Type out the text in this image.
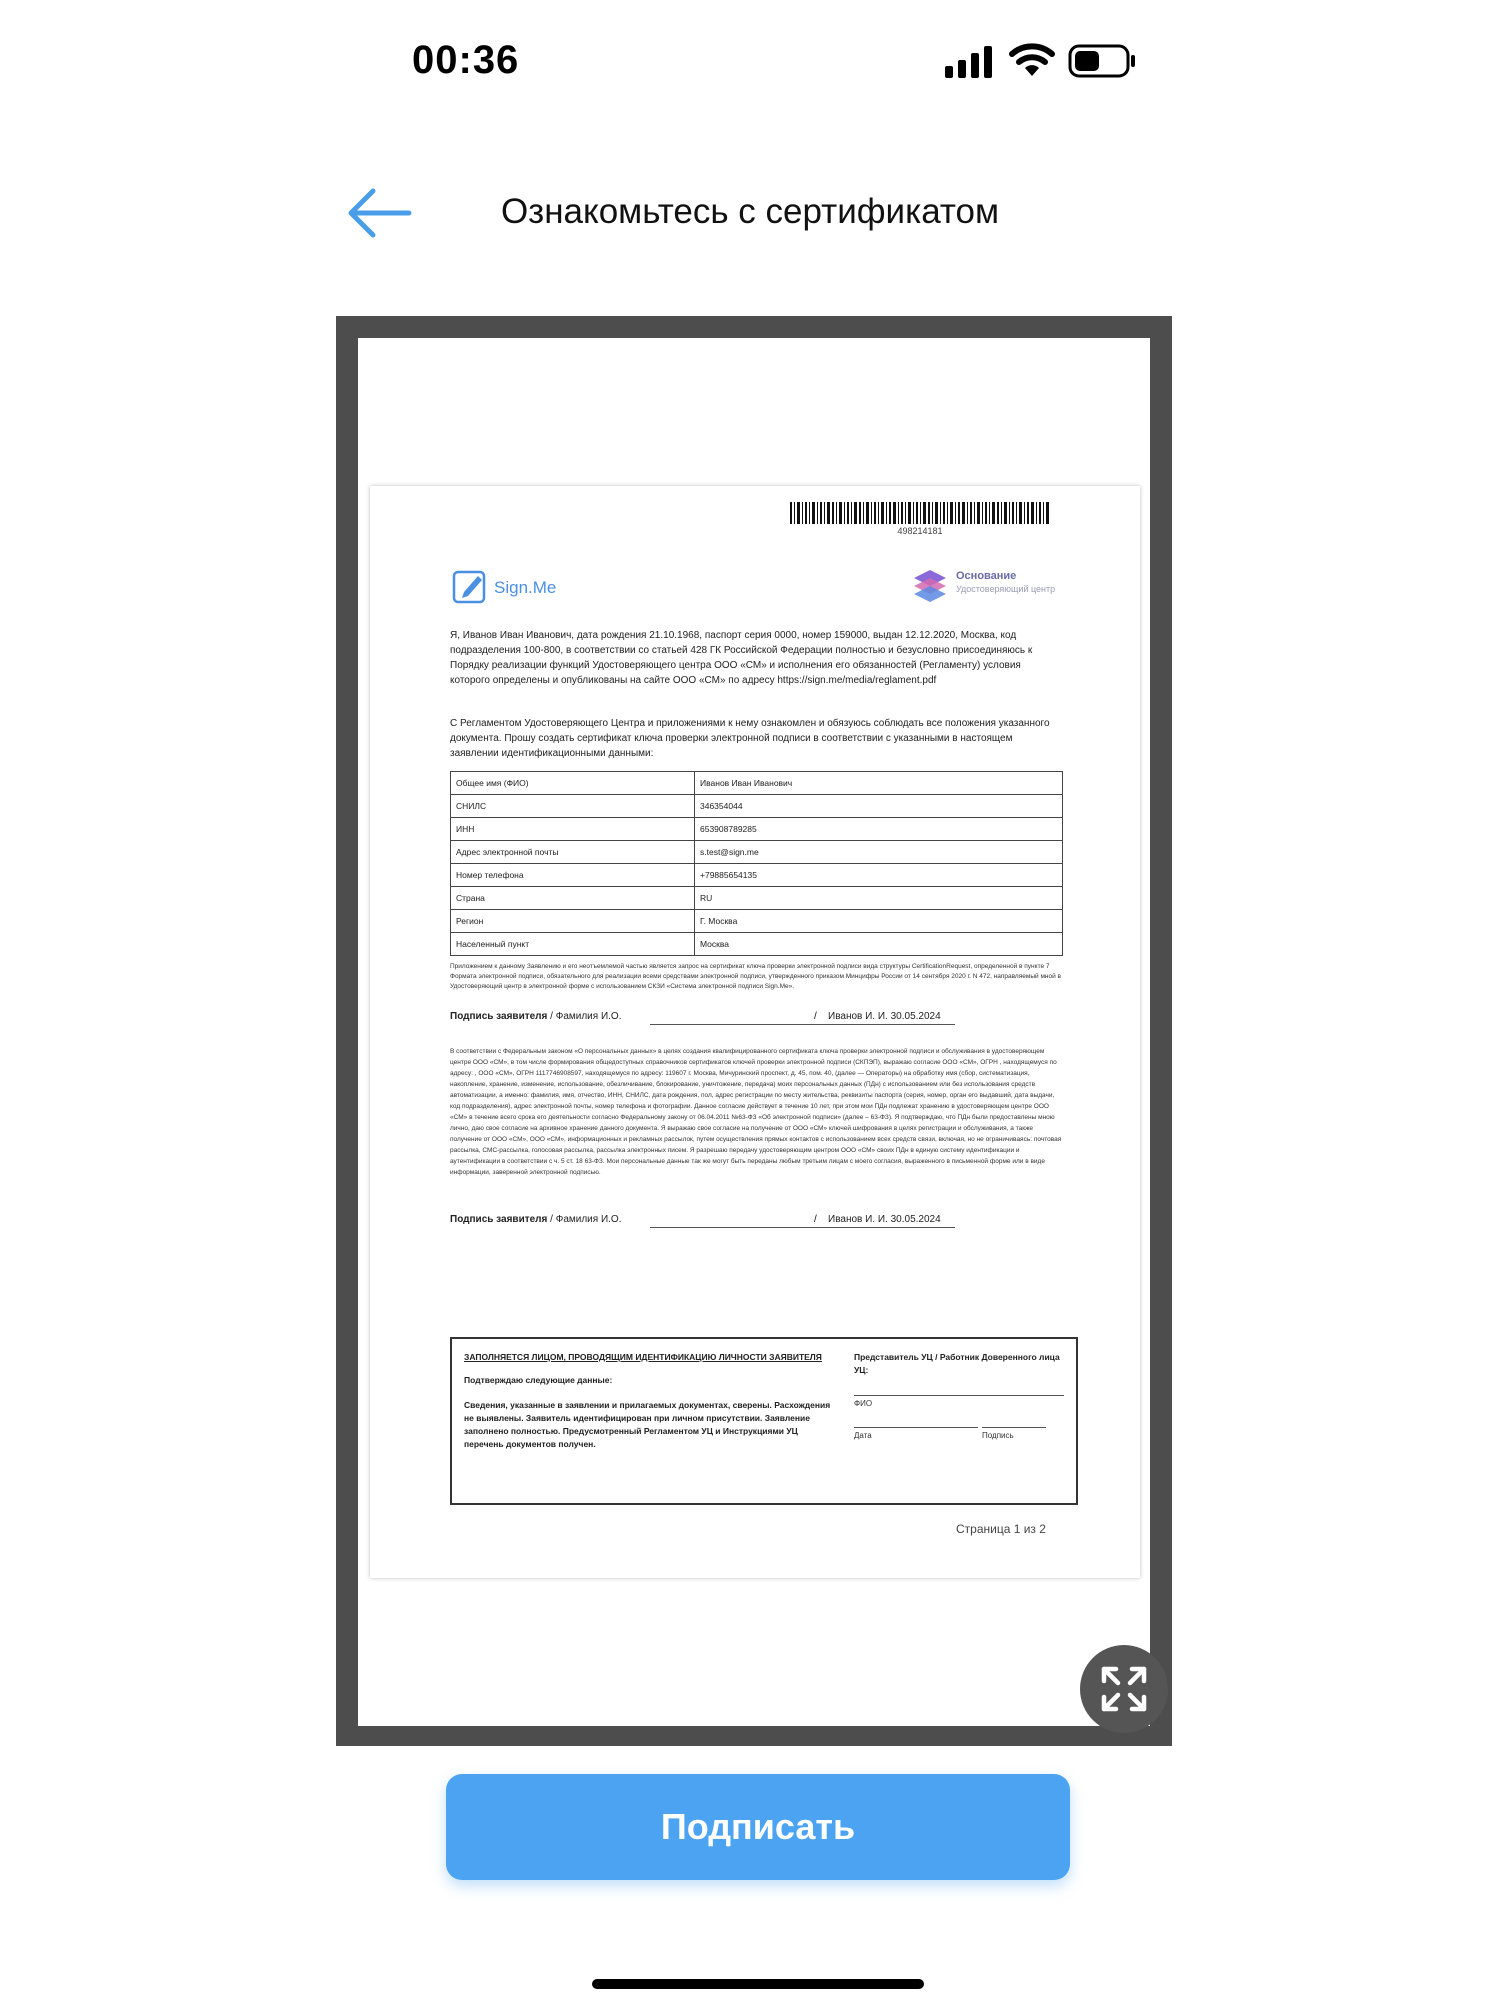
00:36
Ознакомьтесь с сертификатом
498214181
Sign.Me
Основание
Удостоверяющий центр
Я, Иванов Иван Иванович, дата рождения 21.10.1968, паспорт серия 0000, номер 159000, выдан 12.12.2020, Москва, код подразделения 100-800, в соответствии со статьей 428 ГК Российской Федерации полностью и безусловно присоединяюсь к Порядку реализации функций Удостоверяющего центра ООО «СМ» и исполнения его обязанностей (Регламенту) условия которого определены и опубликованы на сайте ООО «СМ» по адресу https://sign.me/media/reglament.pdf
С Регламентом Удостоверяющего Центра и приложениями к нему ознакомлен и обязуюсь соблюдать все положения указанного документа. Прошу создать сертификат ключа проверки электронной подписи в соответствии с указанными в настоящем заявлении идентификационными данными:
Общее имя (ФИО)	Иванов Иван Иванович
СНИЛС	346354044
ИНН	653908789285
Адрес электронной почты	s.test@sign.me
Номер телефона	+79885654135
Страна	RU
Регион	Г. Москва
Населенный пункт	Москва
Приложением к данному Заявлению и его неотъемлемой частью является запрос на сертификат ключа проверки электронной подписи вида структуры CertificationRequest, определенной в пункте 7 Формата электронной подписи, обязательного для реализации всеми средствами электронной подписи, утвержденного приказом Минцифры России от 14 сентября 2020 г. N 472, направляемый мной в Удостоверяющий центр в электронной форме с использованием СКЗИ «Система электронной подписи Sign.Me».
Подпись заявителя / Фамилия И.О.	/ Иванов И. И. 30.05.2024
В соответствии с Федеральным законом «О персональных данных» в целях создания квалифицированного сертификата ключа проверки электронной подписи и обслуживания в удостоверяющем центре ООО «СМ», в том числе формирования общедоступных справочников сертификатов ключей проверки электронной подписи (СКПЭП), выражаю согласие ООО «СМ», ОГРН , находящемуся по адресу: , ООО «СМ», ОГРН 1117746908597, находящемуся по адресу: 119607 г. Москва, Мичуринский проспект, д. 45, пом. 40, (далее — Операторы) на обработку имя (сбор, систематизация, накопление, хранение, изменение, использование, обезличивание, блокирование, уничтожение, передача) моих персональных данных (ПДн) с использованием или без использования средств автоматизации, а именно: фамилия, имя, отчество, ИНН, СНИЛС, дата рождения, пол, адрес регистрации по месту жительства, реквизиты паспорта (серия, номер, орган его выдавший, дата выдачи, код подразделения), адрес электронной почты, номер телефона и фотографии. Данное согласие действует в течение 10 лет, при этом мои ПДн подлежат хранению в удостоверяющем центре ООО «СМ» в течение всего срока его деятельности согласно Федеральному закону от 06.04.2011 №63-ФЗ «Об электронной подписи» (далее – 63-ФЗ). Я подтверждаю, что ПДн были предоставлены мною лично, даю свое согласие на архивное хранение данного документа. Я выражаю свое согласие на получение от ООО «СМ» ключей шифрования в целях регистрации и обслуживания, а также получение от ООО «СМ», ООО «СМ», информационных и рекламных рассылок, путем осуществления прямых контактов с использованием всех средств связи, включая, но не ограничиваясь: почтовая рассылка, СМС-рассылка, голосовая рассылка, рассылка электронных писем. Я разрешаю передачу удостоверяющим центром ООО «СМ» своих ПДн в единую систему идентификации и аутентификации в соответствии с ч. 5 ст. 18 63-ФЗ. Мои персональные данные так же могут быть переданы любым третьим лицам с моего согласия, выраженного в письменной форме или в виде информации, заверенной электронной подписью.
Подпись заявителя / Фамилия И.О.	/ Иванов И. И. 30.05.2024
ЗАПОЛНЯЕТСЯ ЛИЦОМ, ПРОВОДЯЩИМ ИДЕНТИФИКАЦИЮ ЛИЧНОСТИ ЗАЯВИТЕЛЯ
Подтверждаю следующие данные:
Сведения, указанные в заявлении и прилагаемых документах, сверены. Расхождения не выявлены. Заявитель идентифицирован при личном присутствии. Заявление заполнено полностью. Предусмотренный Регламентом УЦ и Инструкциями УЦ перечень документов получен.
Представитель УЦ / Работник Доверенного лица УЦ:
ФИО
Дата	Подпись
Страница 1 из 2
Подписать
